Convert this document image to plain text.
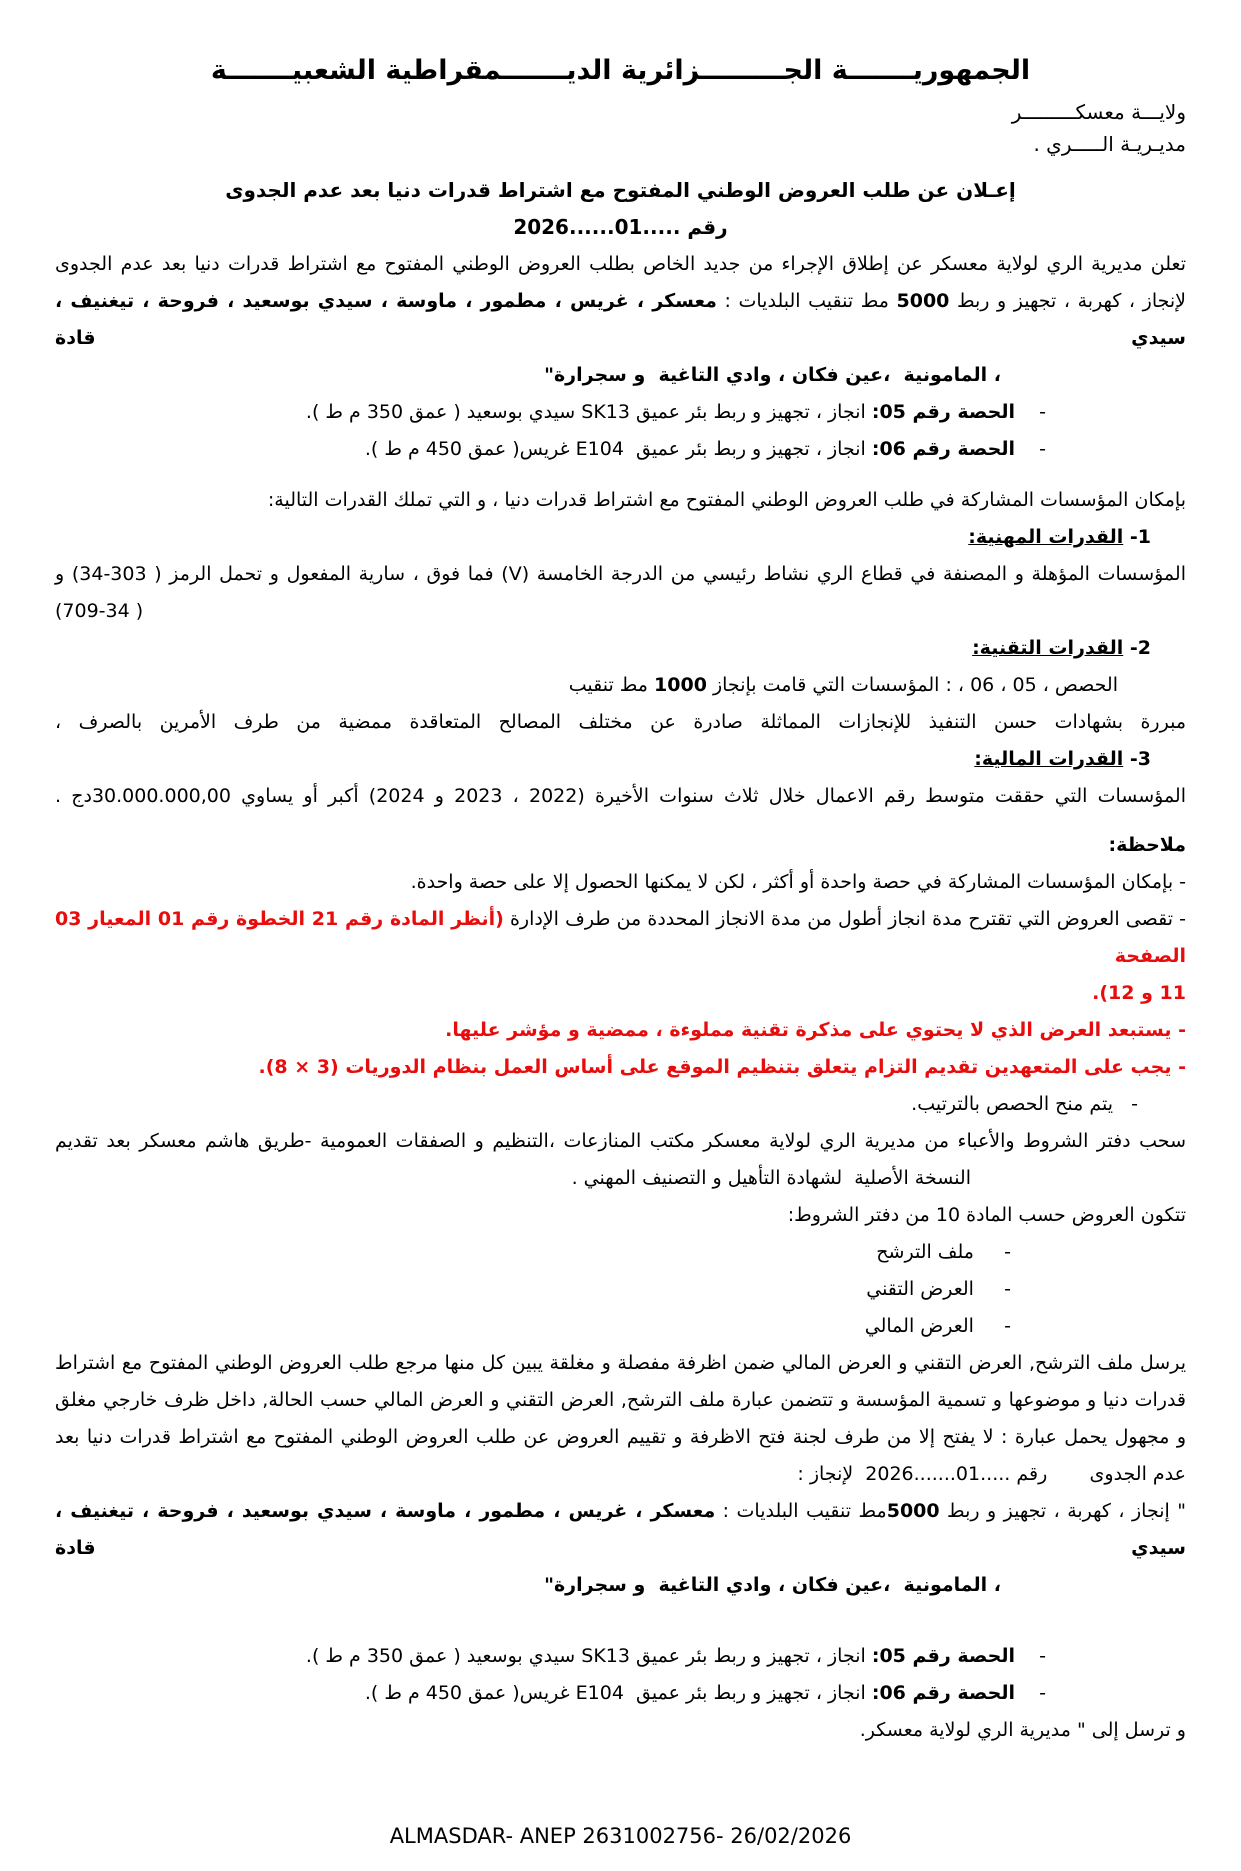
الجمهوريـــــــة الجـــــــــزائرية الديـــــــمقراطية الشعبيـــــــة
ولايـــة معسكـــــــــر
مديـريـة الـــــري .
إعـلان عن طلب العروض الوطني المفتوح مع اشتراط قدرات دنيا بعد عدم الجدوى
رقم .....01......2026
تعلن مديرية الري لولاية معسكر عن إطلاق الإجراء من جديد الخاص بطلب العروض الوطني المفتوح مع اشتراط قدرات دنيا بعد عدم الجدوى
لإنجاز ، كهربة ، تجهيز و ربط 5000 مط تنقيب البلديات : معسكر ، غريس ، مطمور ، ماوسة ، سيدي بوسعيد ، فروحة ، تيغنيف ، سيدي قادة
، المامونية  ،عين فكان ، وادي التاغية  و سجرارة"
-    الحصة رقم 05: انجاز ، تجهيز و ربط بئر عميق SK13 سيدي بوسعيد ( عمق 350 م ط ).
-    الحصة رقم 06: انجاز ، تجهيز و ربط بئر عميق  E104 غريس( عمق 450 م ط ).
بإمكان المؤسسات المشاركة في طلب العروض الوطني المفتوح مع اشتراط قدرات دنيا ، و التي تملك القدرات التالية:
1- القدرات المهنية:
المؤسسات المؤهلة و المصنفة في قطاع الري نشاط رئيسي من الدرجة الخامسة (V) فما فوق ، سارية المفعول و تحمل الرمز ( 303-34) و
( 709-34)
2- القدرات التقنية:
الحصص ، 05 ، 06 ، : المؤسسات التي قامت بإنجاز 1000 مط تنقيب
مبررة بشهادات حسن التنفيذ للإنجازات المماثلة صادرة عن مختلف المصالح المتعاقدة ممضية من طرف الأمرين بالصرف ،
3- القدرات المالية:
المؤسسات التي حققت متوسط رقم الاعمال خلال ثلاث سنوات الأخيرة (2022 ، 2023 و 2024) أكبر أو يساوي 30.000.000,00دج .
ملاحظة:
- بإمكان المؤسسات المشاركة في حصة واحدة أو أكثر ، لكن لا يمكنها الحصول إلا على حصة واحدة.
- تقصى العروض التي تقترح مدة انجاز أطول من مدة الانجاز المحددة من طرف الإدارة (أنظر المادة رقم 21 الخطوة رقم 01 المعيار 03 الصفحة
11 و 12).
- يستبعد العرض الذي لا يحتوي على مذكرة تقنية مملوءة ، ممضية و مؤشر عليها.
- يجب على المتعهدين تقديم التزام يتعلق بتنظيم الموقع على أساس العمل بنظام الدوريات (3 × 8).
-   يتم منح الحصص بالترتيب.
سحب دفتر الشروط والأعباء من مديرية الري لولاية معسكر مكتب المنازعات ،التنظيم و الصفقات العمومية -طريق هاشم معسكر بعد تقديم
النسخة الأصلية  لشهادة التأهيل و التصنيف المهني .
تتكون العروض حسب المادة 10 من دفتر الشروط:
-     ملف الترشح
-     العرض التقني
-     العرض المالي
يرسل ملف الترشح, العرض التقني و العرض المالي ضمن اظرفة مفصلة و مغلقة يبين كل منها مرجع طلب العروض الوطني المفتوح مع اشتراط
قدرات دنيا و موضوعها و تسمية المؤسسة و تتضمن عبارة ملف الترشح, العرض التقني و العرض المالي حسب الحالة, داخل ظرف خارجي مغلق
و مجهول يحمل عبارة : لا يفتح إلا من طرف لجنة فتح الاظرفة و تقييم العروض عن طلب العروض الوطني المفتوح مع اشتراط قدرات دنيا بعد
عدم الجدوى       رقم .....01.......2026  لإنجاز :
" إنجاز ، كهربة ، تجهيز و ربط 5000مط تنقيب البلديات : معسكر ، غريس ، مطمور ، ماوسة ، سيدي بوسعيد ، فروحة ، تيغنيف ، سيدي قادة
، المامونية  ،عين فكان ، وادي التاغية  و سجرارة"
-    الحصة رقم 05: انجاز ، تجهيز و ربط بئر عميق SK13 سيدي بوسعيد ( عمق 350 م ط ).
-    الحصة رقم 06: انجاز ، تجهيز و ربط بئر عميق  E104 غريس( عمق 450 م ط ).
و ترسل إلى " مديرية الري لولاية معسكر.
ALMASDAR- ANEP 2631002756- 26/02/2026
